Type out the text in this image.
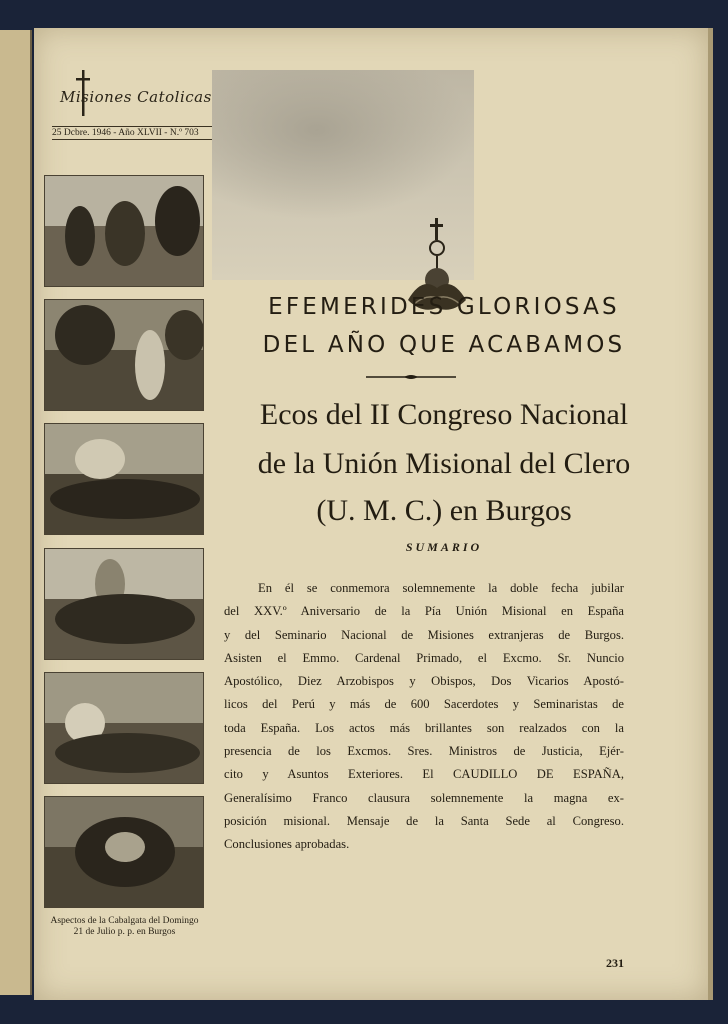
Misiones Catolicas
25 Dcbre. 1946 - Año XLVII - N.º 703
Aspectos de la Cabalgata del Domingo
21 de Julio p. p. en Burgos
EFEMERIDES GLORIOSAS
DEL AÑO QUE ACABAMOS
Ecos del II Congreso Nacional
de la Unión Misional del Clero
(U. M. C.) en Burgos
SUMARIO
En él se conmemora solemnemente la doble fecha jubilar
del XXV.º Aniversario de la Pía Unión Misional en España
y del Seminario Nacional de Misiones extranjeras de Burgos.
Asisten el Emmo. Cardenal Primado, el Excmo. Sr. Nuncio
Apostólico, Diez Arzobispos y Obispos, Dos Vicarios Apostó-
licos del Perú y más de 600 Sacerdotes y Seminaristas de
toda España. Los actos más brillantes son realzados con la
presencia de los Excmos. Sres. Ministros de Justicia, Ejér-
cito y Asuntos Exteriores. El CAUDILLO DE ESPAÑA,
Generalísimo Franco clausura solemnemente la magna ex-
posición misional. Mensaje de la Santa Sede al Congreso.
Conclusiones aprobadas.
231
